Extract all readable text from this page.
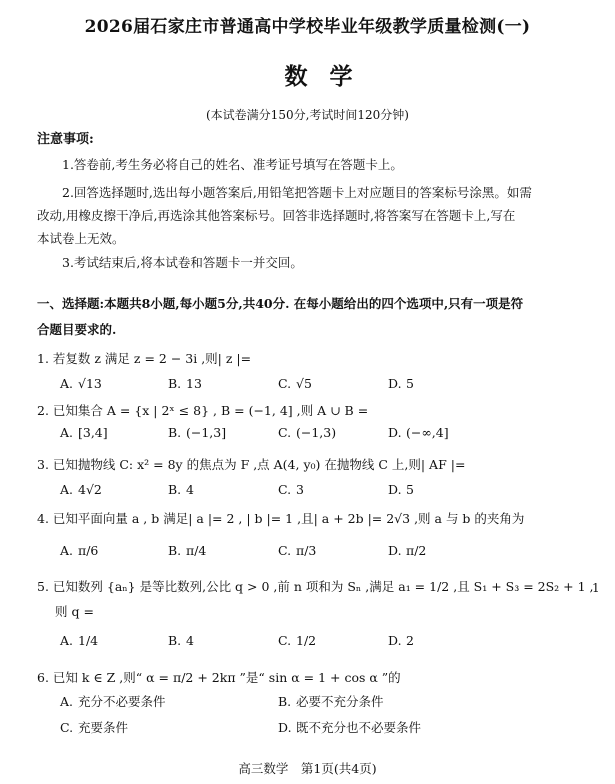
2026届石家庄市普通高中学校毕业年级教学质量检测(一)
数学
(本试卷满分150分,考试时间120分钟)
注意事项:
1.答卷前,考生务必将自己的姓名、准考证号填写在答题卡上。
2.回答选择题时,选出每小题答案后,用铅笔把答题卡上对应题目的答案标号涂黑。如需
改动,用橡皮擦干净后,再选涂其他答案标号。回答非选择题时,将答案写在答题卡上,写在
本试卷上无效。
3.考试结束后,将本试卷和答题卡一并交回。
一、选择题:本题共8小题,每小题5分,共40分. 在每小题给出的四个选项中,只有一项是符
合题目要求的.
1. 若复数 z 满足 z = 2 − 3i ,则| z |=
A. √13	B. 13	C. √5	D. 5
2. 已知集合 A = {x | 2ˣ ≤ 8} , B = (−1, 4] ,则 A ∪ B =
A. [3,4]	B. (−1,3]	C. (−1,3)	D. (−∞,4]
3. 已知抛物线 C: x² = 8y 的焦点为 F ,点 A(4, y₀) 在抛物线 C 上,则| AF |=
A. 4√2	B. 4	C. 3	D. 5
4. 已知平面向量 a , b 满足| a |= 2 , | b |= 1 ,且| a + 2b |= 2√3 ,则 a 与 b 的夹角为
A. π/6	B. π/4	C. π/3	D. π/2
5. 已知数列 {aₙ} 是等比数列,公比 q > 0 ,前 n 项和为 Sₙ ,满足 a₁ = 1/2 ,且 S₁ + S₃ = 2S₂ + 1 ,
则 q =
A. 1/4	B. 4	C. 1/2	D. 2
6. 已知 k ∈ Z ,则“ α = π/2 + 2kπ ”是“ sin α = 1 + cos α ”的
A. 充分不必要条件	B. 必要不充分条件
C. 充要条件	D. 既不充分也不必要条件
1
高三数学　第1页(共4页)
